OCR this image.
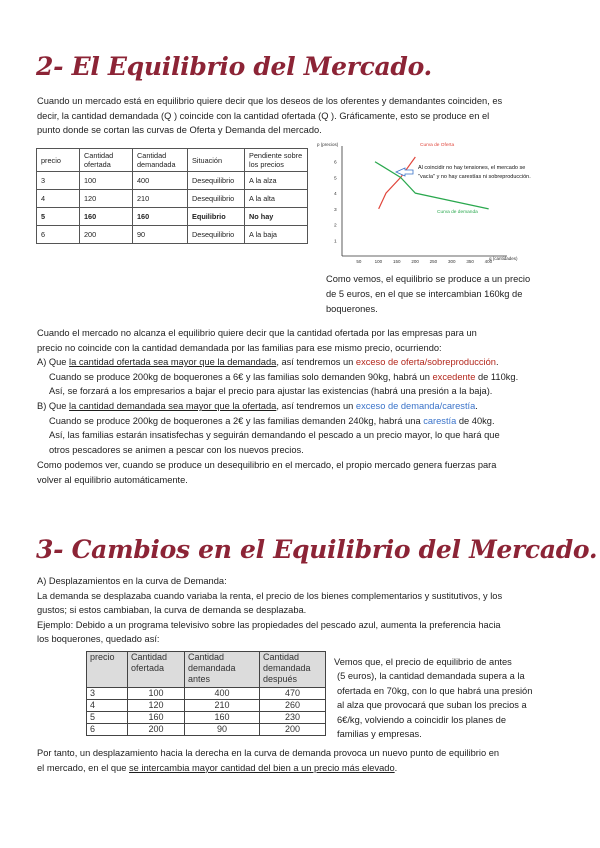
2- El Equilibrio del Mercado.
Cuando un mercado está en equilibrio quiere decir que los deseos de los oferentes y demandantes coinciden, es
decir, la cantidad demandada (Q ) coincide con la cantidad ofertada (Q ). Gráficamente, esto se produce en el
punto donde se cortan las curvas de Oferta y Demanda del mercado.
precio	Cantidad ofertada	Cantidad demandada	Situación	Pendiente sobre los precios
3	100	400	Desequilibrio	A la alza
4	120	210	Desequilibrio	A la alta
5	160	160	Equilibrio	No hay
6	200	90	Desequilibrio	A la baja
p (precios)
q (cantidades)
50	100 150 200 250 300 350 400
1
2
3
4
5
6
Curva de Oferta
Curva de demanda
Al coincidir no hay tensiones, el mercado se
"vacía" y no hay carestías ni sobreproducción.
Como vemos, el equilibrio se produce a un precio
de 5 euros, en el que se intercambian 160kg de
boquerones.
Cuando el mercado no alcanza el equilibrio quiere decir que la cantidad ofertada por las empresas para un
precio no coincide con la cantidad demandada por las familias para ese mismo precio, ocurriendo:
A) Que la cantidad ofertada sea mayor que la demandada, así tendremos un exceso de oferta/sobreproducción.
Cuando se produce 200kg de boquerones a 6€ y las familias solo demanden 90kg, habrá un excedente de 110kg.
Así, se forzará a los empresarios a bajar el precio para ajustar las existencias (habrá una presión a la baja).
B) Que la cantidad demandada sea mayor que la ofertada, así tendremos un exceso de demanda/carestía.
Cuando se produce 200kg de boquerones a 2€ y las familias demanden 240kg, habrá una carestía de 40kg.
Así, las familias estarán insatisfechas y seguirán demandando el pescado a un precio mayor, lo que hará que
otros pescadores se animen a pescar con los nuevos precios.
Como podemos ver, cuando se produce un desequilibrio en el mercado, el propio mercado genera fuerzas para
volver al equilibrio automáticamente.
3- Cambios en el Equilibrio del Mercado.
A) Desplazamientos en la curva de Demanda:
La demanda se desplazaba cuando variaba la renta, el precio de los bienes complementarios y sustitutivos, y los
gustos; si estos cambiaban, la curva de demanda se desplazaba.
Ejemplo: Debido a un programa televisivo sobre las propiedades del pescado azul, aumenta la preferencia hacia
los boquerones, quedado así:
precio	Cantidad ofertada	Cantidad demandada antes	Cantidad demandada después
3	100	400	470
4	120	210	260
5	160	160	230
6	200	90	200
Vemos que, el precio de equilibrio de antes
(5 euros), la cantidad demandada supera a la
ofertada en 70kg, con lo que habrá una presión
al alza que provocará que suban los precios a
6€/kg, volviendo a coincidir los planes de
familias y empresas.
Por tanto, un desplazamiento hacia la derecha en la curva de demanda provoca un nuevo punto de equilibrio en
el mercado, en el que se intercambia mayor cantidad del bien a un precio más elevado.
